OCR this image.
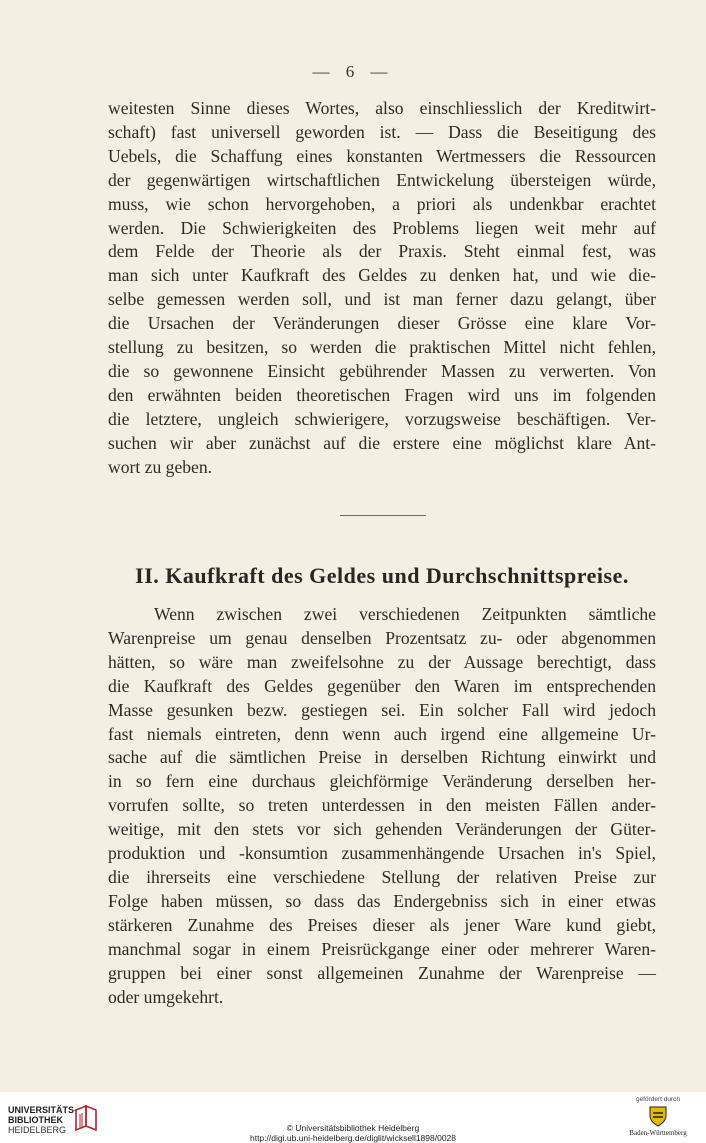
— 6 —
weitesten Sinne dieses Wortes, also einschliesslich der Kreditwirt-
schaft) fast universell geworden ist. — Dass die Beseitigung des
Uebels, die Schaffung eines konstanten Wertmessers die Ressourcen
der gegenwärtigen wirtschaftlichen Entwickelung übersteigen würde,
muss, wie schon hervorgehoben, a priori als undenkbar erachtet
werden. Die Schwierigkeiten des Problems liegen weit mehr auf
dem Felde der Theorie als der Praxis. Steht einmal fest, was
man sich unter Kaufkraft des Geldes zu denken hat, und wie die-
selbe gemessen werden soll, und ist man ferner dazu gelangt, über
die Ursachen der Veränderungen dieser Grösse eine klare Vor-
stellung zu besitzen, so werden die praktischen Mittel nicht fehlen,
die so gewonnene Einsicht gebührender Massen zu verwerten. Von
den erwähnten beiden theoretischen Fragen wird uns im folgenden
die letztere, ungleich schwierigere, vorzugsweise beschäftigen. Ver-
suchen wir aber zunächst auf die erstere eine möglichst klare Ant-
wort zu geben.
II. Kaufkraft des Geldes und Durchschnittspreise.
Wenn zwischen zwei verschiedenen Zeitpunkten sämtliche
Warenpreise um genau denselben Prozentsatz zu- oder abgenommen
hätten, so wäre man zweifelsohne zu der Aussage berechtigt, dass
die Kaufkraft des Geldes gegenüber den Waren im entsprechenden
Masse gesunken bezw. gestiegen sei. Ein solcher Fall wird jedoch
fast niemals eintreten, denn wenn auch irgend eine allgemeine Ur-
sache auf die sämtlichen Preise in derselben Richtung einwirkt und
in so fern eine durchaus gleichförmige Veränderung derselben her-
vorrufen sollte, so treten unterdessen in den meisten Fällen ander-
weitige, mit den stets vor sich gehenden Veränderungen der Güter-
produktion und -konsumtion zusammenhängende Ursachen in's Spiel,
die ihrerseits eine verschiedene Stellung der relativen Preise zur
Folge haben müssen, so dass das Endergebniss sich in einer etwas
stärkeren Zunahme des Preises dieser als jener Ware kund giebt,
manchmal sogar in einem Preisrückgange einer oder mehrerer Waren-
gruppen bei einer sonst allgemeinen Zunahme der Warenpreise —
oder umgekehrt.
UNIVERSITÄTS-
BIBLIOTHEK
HEIDELBERG	© Universitätsbibliothek Heidelberg
http://digi.ub.uni-heidelberg.de/diglit/wicksell1898/0028
gefördert durch
Baden-Württemberg
